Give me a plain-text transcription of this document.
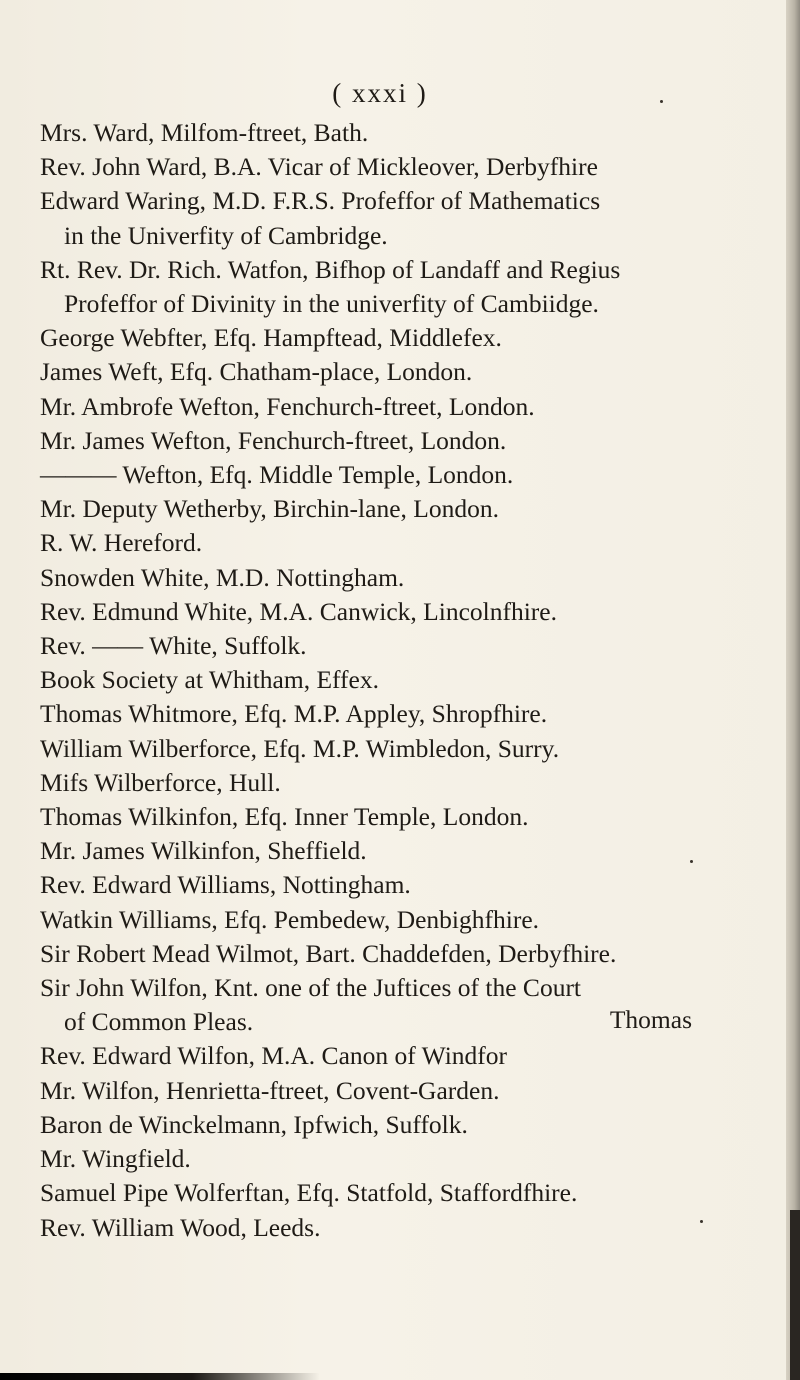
( xxxi )
Mrs. Ward, Milfom-ftreet, Bath.
Rev. John Ward, B.A. Vicar of Mickleover, Derbyfhire
Edward Waring, M.D. F.R.S. Profeffor of Mathematics
in the Univerfity of Cambridge.
Rt. Rev. Dr. Rich. Watfon, Bifhop of Landaff and Regius
Profeffor of Divinity in the univerfity of Cambiidge.
George Webfter, Efq. Hampftead, Middlefex.
James Weft, Efq. Chatham-place, London.
Mr. Ambrofe Wefton, Fenchurch-ftreet, London.
Mr. James Wefton, Fenchurch-ftreet, London.
——— Wefton, Efq. Middle Temple, London.
Mr. Deputy Wetherby, Birchin-lane, London.
R. W. Hereford.
Snowden White, M.D. Nottingham.
Rev. Edmund White, M.A. Canwick, Lincolnfhire.
Rev. —— White, Suffolk.
Book Society at Whitham, Effex.
Thomas Whitmore, Efq. M.P. Appley, Shropfhire.
William Wilberforce, Efq. M.P. Wimbledon, Surry.
Mifs Wilberforce, Hull.
Thomas Wilkinfon, Efq. Inner Temple, London.
Mr. James Wilkinfon, Sheffield.
Rev. Edward Williams, Nottingham.
Watkin Williams, Efq. Pembedew, Denbighfhire.
Sir Robert Mead Wilmot, Bart. Chaddefden, Derbyfhire.
Sir John Wilfon, Knt. one of the Juftices of the Court
of Common Pleas.
Rev. Edward Wilfon, M.A. Canon of Windfor
Mr. Wilfon, Henrietta-ftreet, Covent-Garden.
Baron de Winckelmann, Ipfwich, Suffolk.
Mr. Wingfield.
Samuel Pipe Wolferftan, Efq. Statfold, Staffordfhire.
Rev. William Wood, Leeds.
Thomas
